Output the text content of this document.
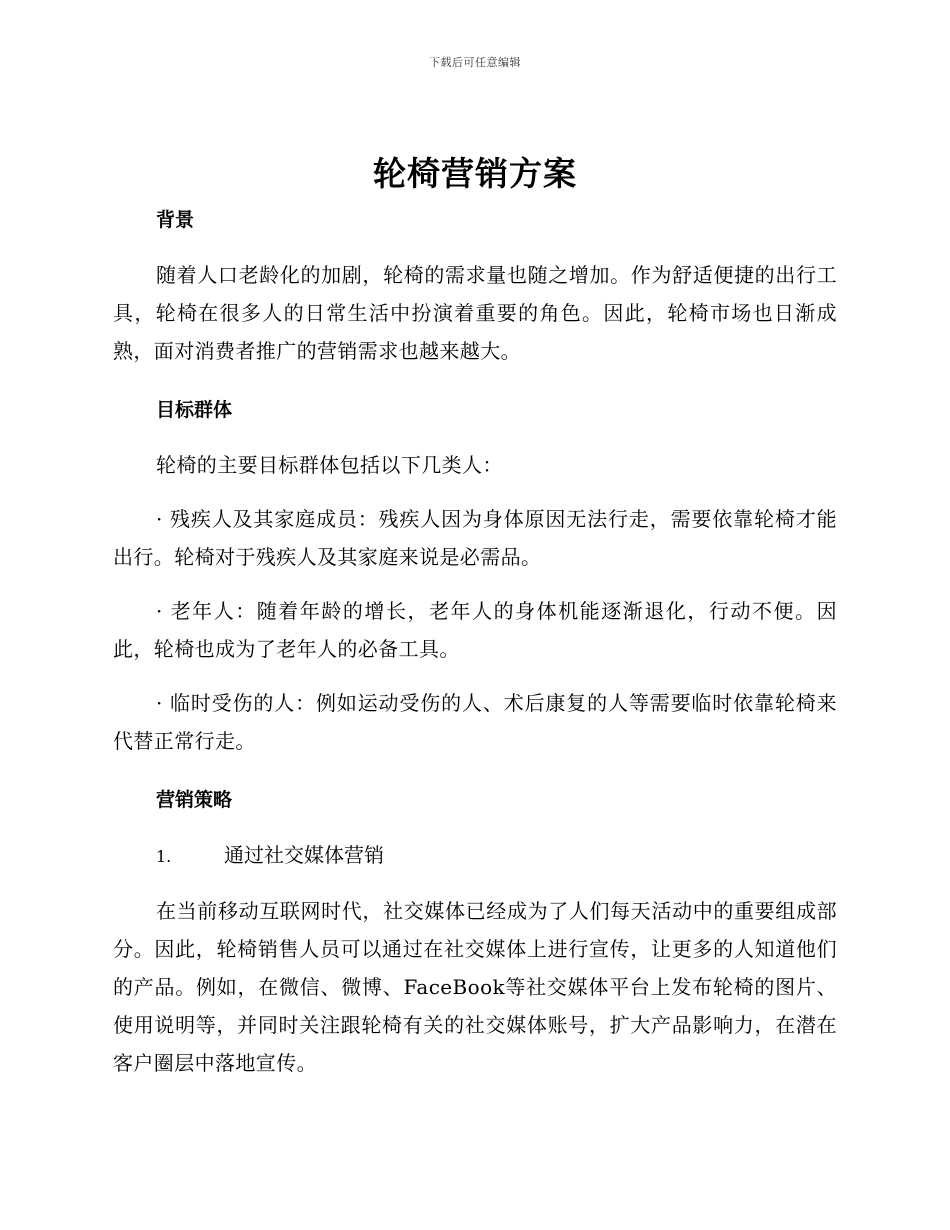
下载后可任意编辑
轮椅营销方案
背景

随着人口老龄化的加剧，轮椅的需求量也随之增加。作为舒适便捷的出行工具，轮椅在很多人的日常生活中扮演着重要的角色。因此，轮椅市场也日渐成熟，面对消费者推广的营销需求也越来越大。

目标群体

轮椅的主要目标群体包括以下几类人：

· 残疾人及其家庭成员：残疾人因为身体原因无法行走，需要依靠轮椅才能出行。轮椅对于残疾人及其家庭来说是必需品。

· 老年人：随着年龄的增长，老年人的身体机能逐渐退化，行动不便。因此，轮椅也成为了老年人的必备工具。

· 临时受伤的人：例如运动受伤的人、术后康复的人等需要临时依靠轮椅来代替正常行走。

营销策略
1.	通过社交媒体营销

在当前移动互联网时代，社交媒体已经成为了人们每天活动中的重要组成部分。因此，轮椅销售人员可以通过在社交媒体上进行宣传，让更多的人知道他们的产品。例如，在微信、微博、FaceBook等社交媒体平台上发布轮椅的图片、使用说明等，并同时关注跟轮椅有关的社交媒体账号，扩大产品影响力，在潜在客户圈层中落地宣传。
